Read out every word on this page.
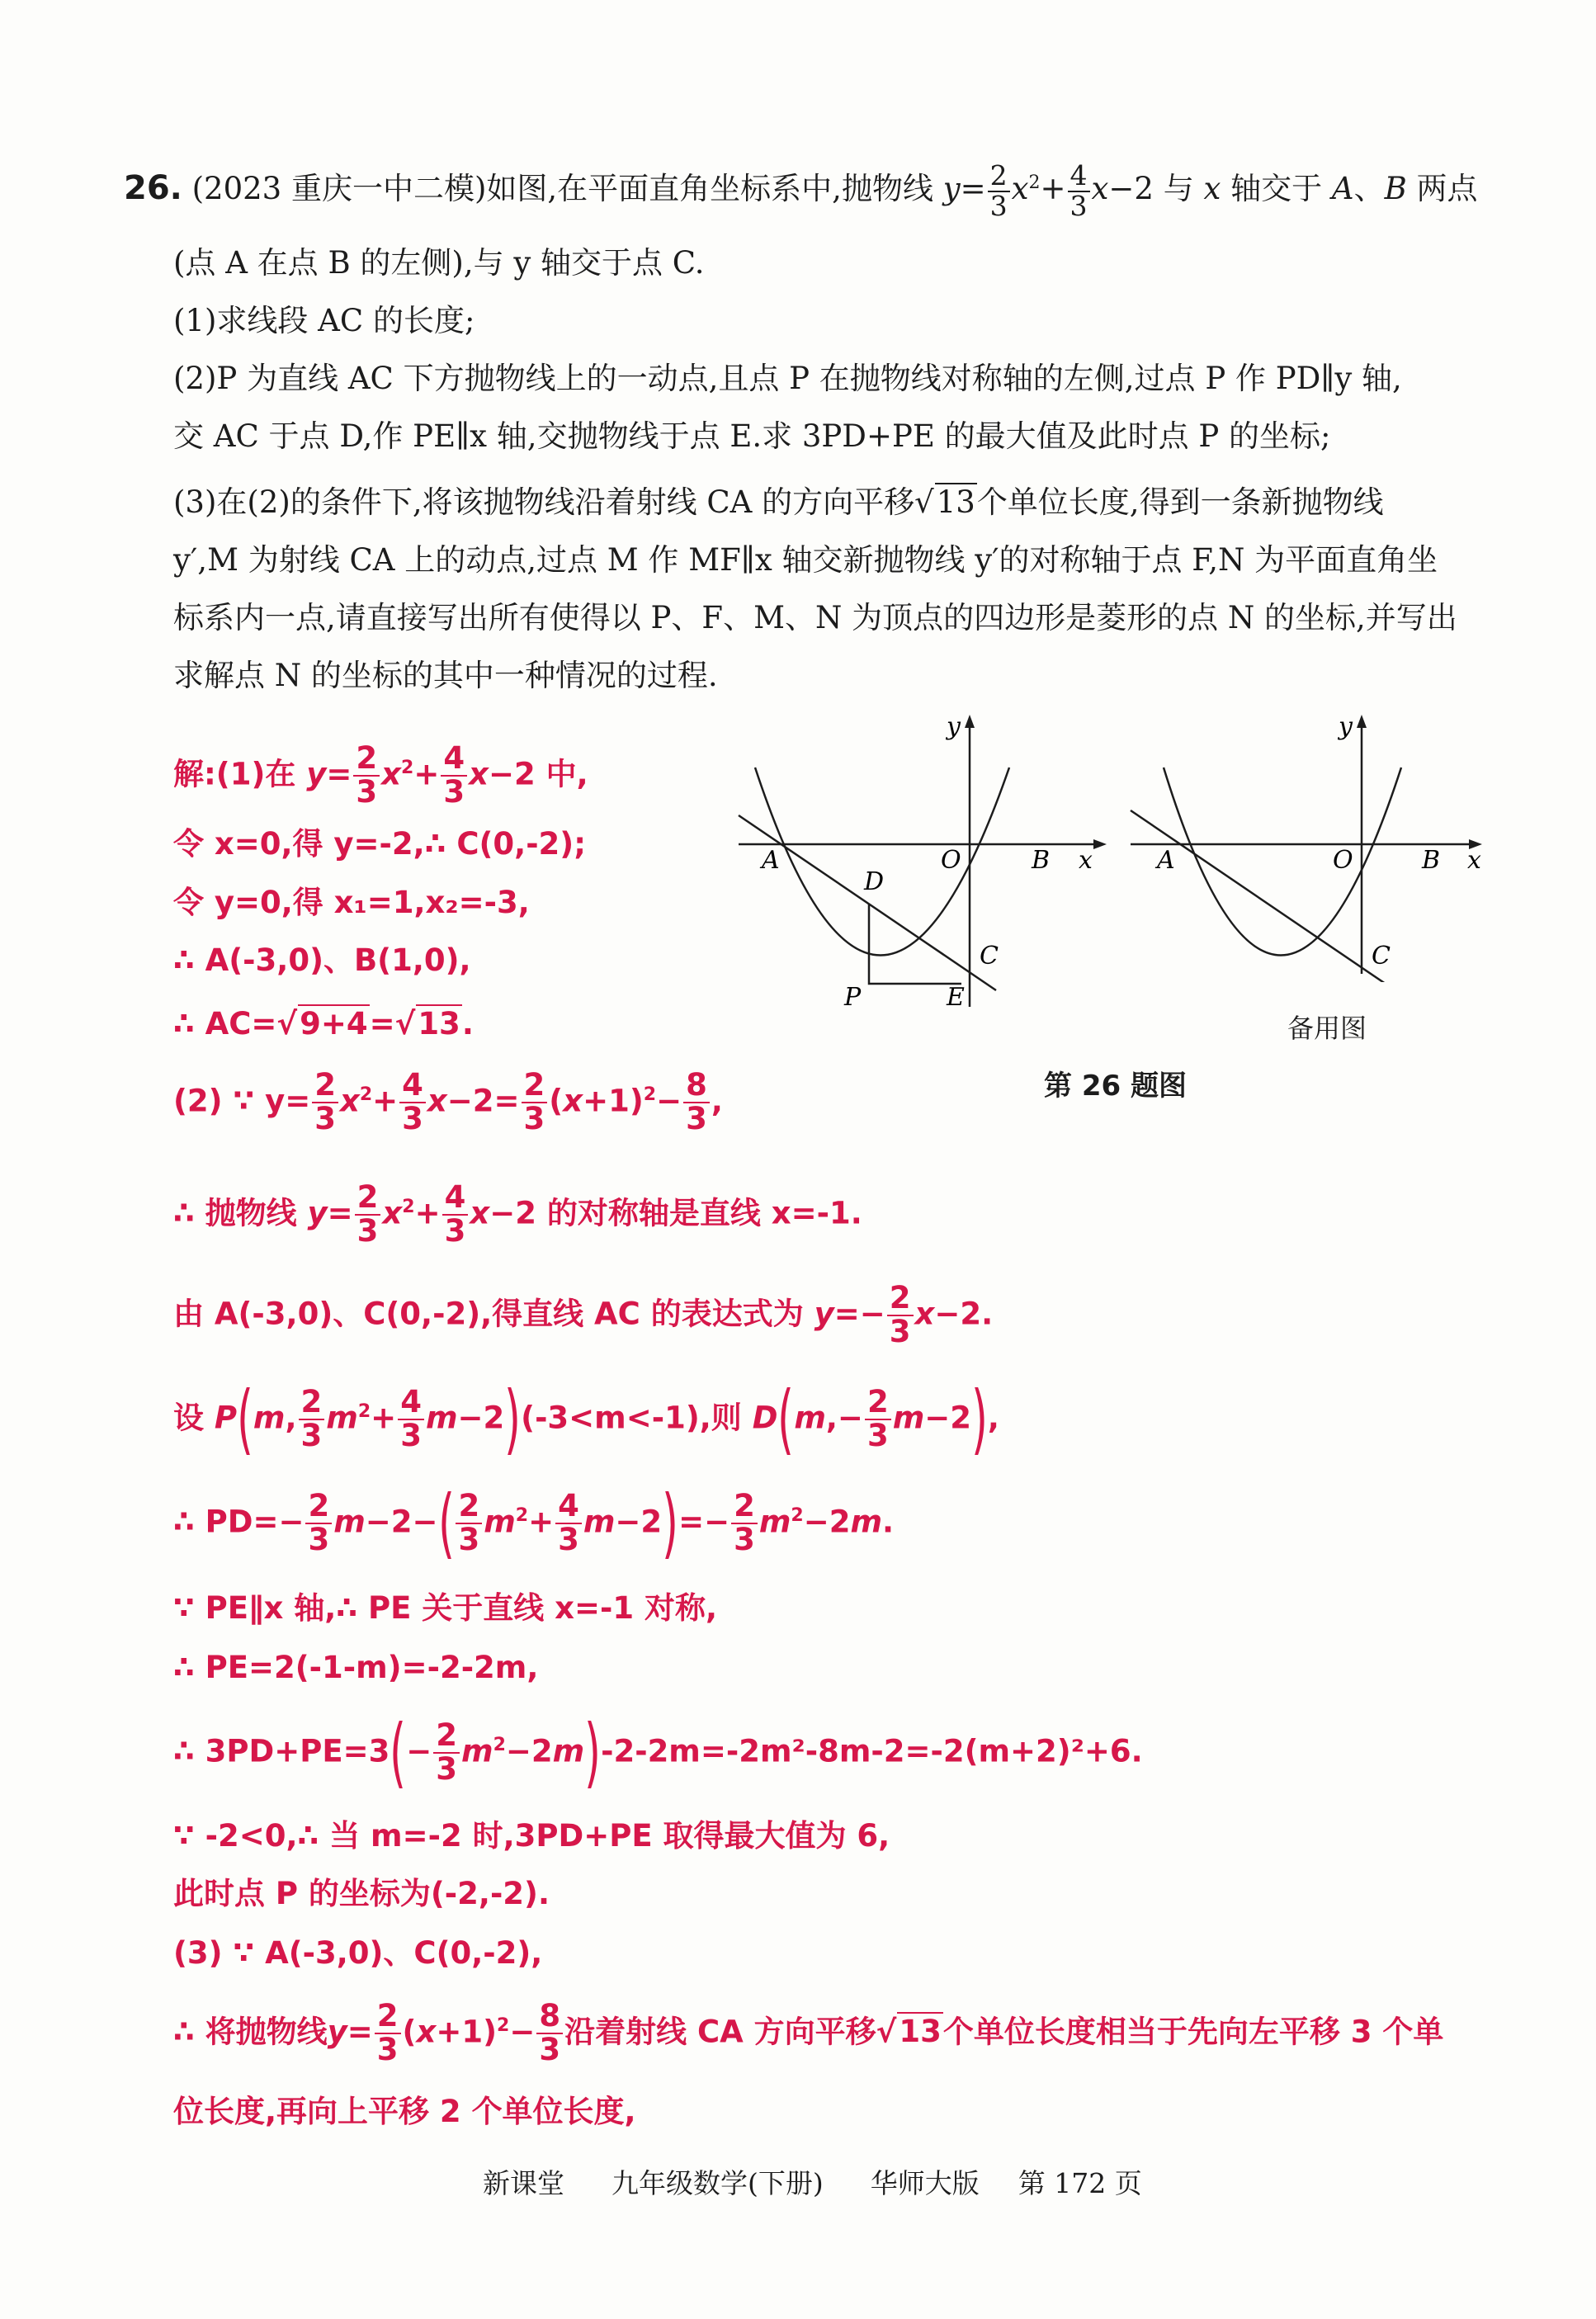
26. (2023 重庆一中二模)如图,在平面直角坐标系中,抛物线 $y= \frac{2}{3} x^2+ \frac{4}{3} x-2$ 与 x 轴交于 A、B 两点
(点 A 在点 B 的左侧),与 y 轴交于点 C.
(1)求线段 AC 的长度;
(2)P 为直线 AC 下方抛物线上的一动点,且点 P 在抛物线对称轴的左侧,过点 P 作 PD∥y 轴,
交 AC 于点 D,作 PE∥x 轴,交抛物线于点 E.求 3PD+PE 的最大值及此时点 P 的坐标;
(3)在(2)的条件下,将该抛物线沿着射线 CA 的方向平移√13个单位长度,得到一条新抛物线
y′,M 为射线 CA 上的动点,过点 M 作 MF∥x 轴交新抛物线 y′的对称轴于点 F,N 为平面直角坐
标系内一点,请直接写出所有使得以 P、F、M、N 为顶点的四边形是菱形的点 N 的坐标,并写出
求解点 N 的坐标的其中一种情况的过程.
A	O	B x
y
D
C
P	E
A	O	B x
y
C
备用图
第 26 题图
解:(1)在 $y= \frac{2}{3} x^2+ \frac{4}{3} x-2$ 中,
令 x=0,得 y=-2,∴ C(0,-2);
令 y=0,得 x₁=1,x₂=-3,
∴ A(-3,0)、B(1,0),
∴ AC=√9+4=√13.
(2) ∵ $y= \frac{2}{3} x^2+ \frac{4}{3} x-2= \frac{2}{3} (x+1)^2- \frac{8}{3}$ ,
∴ 抛物线 $y= \frac{2}{3} x^2+ \frac{4}{3} x-2$ 的对称轴是直线 x=-1.
由 A(-3,0)、C(0,-2),得直线 AC 的表达式为 $y=- \frac{2}{3} x-2$.
设 P(m, $\frac{2}{3} m^2+ \frac{4}{3} m-2)(-3<m<-1)$,则 $D(m,- \frac{2}{3} m-2)$,
∴ $PD=- \frac{2}{3} m-2-( \frac{2}{3} m^2+ \frac{4}{3} m-2)=- \frac{2}{3} m^2-2m$.
∵ PE∥x 轴,∴ PE 关于直线 x=-1 对称,
∴ PE=2(-1-m)=-2-2m,
∴ $3PD+PE=3(- \frac{2}{3} m^2-2m)-2-2m=-2m^2-8m-2=-2(m+2)^2+6$.
∵ -2<0,∴ 当 m=-2 时,3PD+PE 取得最大值为 6,
此时点 P 的坐标为(-2,-2).
(3) ∵ A(-3,0)、C(0,-2),
∴ 将抛物线$y= \frac{2}{3} (x+1)^2- \frac{8}{3}$ 沿着射线 CA 方向平移√13个单位长度相当于先向左平移 3 个单
位长度,再向上平移 2 个单位长度,
新课堂 九年级数学(下册) 华师大版 第 172 页
